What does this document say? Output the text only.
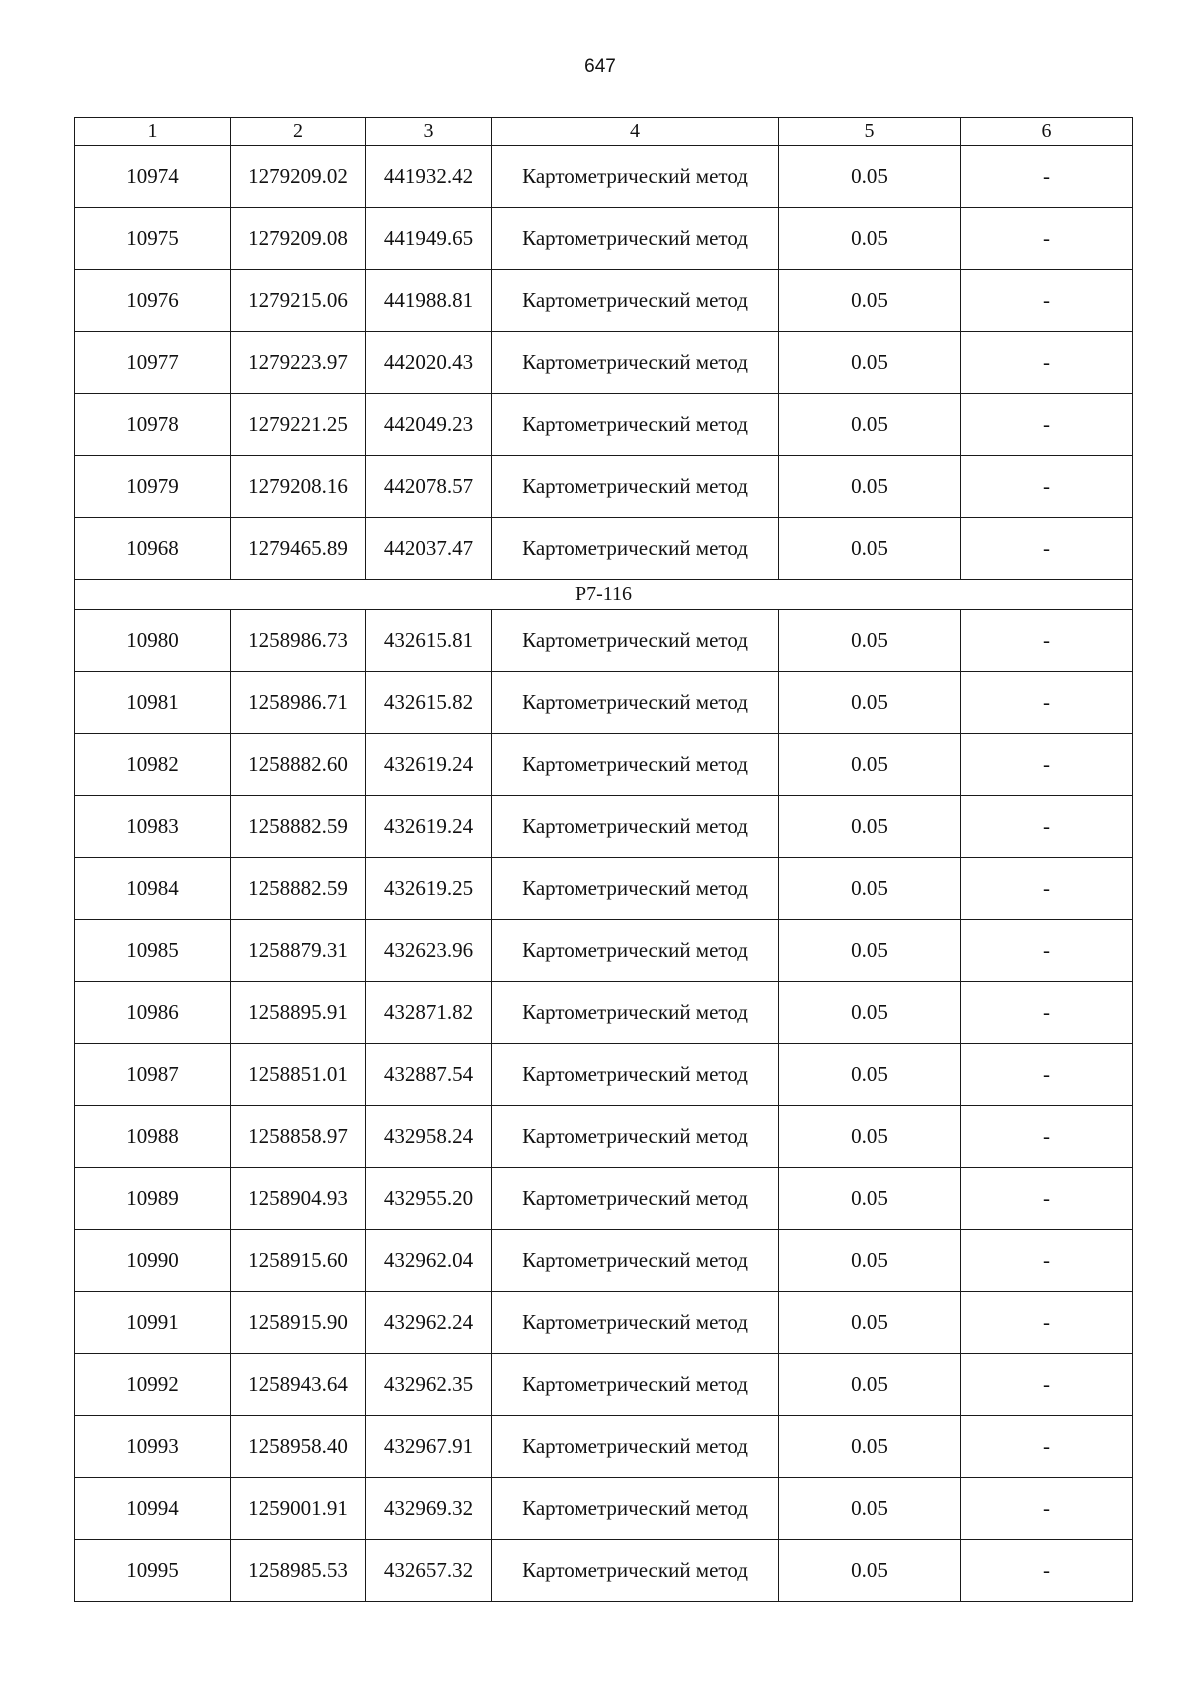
647
1	2	3	4	5	6
10974	1279209.02	441932.42	Картометрический метод	0.05	-
10975	1279209.08	441949.65	Картометрический метод	0.05	-
10976	1279215.06	441988.81	Картометрический метод	0.05	-
10977	1279223.97	442020.43	Картометрический метод	0.05	-
10978	1279221.25	442049.23	Картометрический метод	0.05	-
10979	1279208.16	442078.57	Картометрический метод	0.05	-
10968	1279465.89	442037.47	Картометрический метод	0.05	-
Р7-116					
10980	1258986.73	432615.81	Картометрический метод	0.05	-
10981	1258986.71	432615.82	Картометрический метод	0.05	-
10982	1258882.60	432619.24	Картометрический метод	0.05	-
10983	1258882.59	432619.24	Картометрический метод	0.05	-
10984	1258882.59	432619.25	Картометрический метод	0.05	-
10985	1258879.31	432623.96	Картометрический метод	0.05	-
10986	1258895.91	432871.82	Картометрический метод	0.05	-
10987	1258851.01	432887.54	Картометрический метод	0.05	-
10988	1258858.97	432958.24	Картометрический метод	0.05	-
10989	1258904.93	432955.20	Картометрический метод	0.05	-
10990	1258915.60	432962.04	Картометрический метод	0.05	-
10991	1258915.90	432962.24	Картометрический метод	0.05	-
10992	1258943.64	432962.35	Картометрический метод	0.05	-
10993	1258958.40	432967.91	Картометрический метод	0.05	-
10994	1259001.91	432969.32	Картометрический метод	0.05	-
10995	1258985.53	432657.32	Картометрический метод	0.05	-
